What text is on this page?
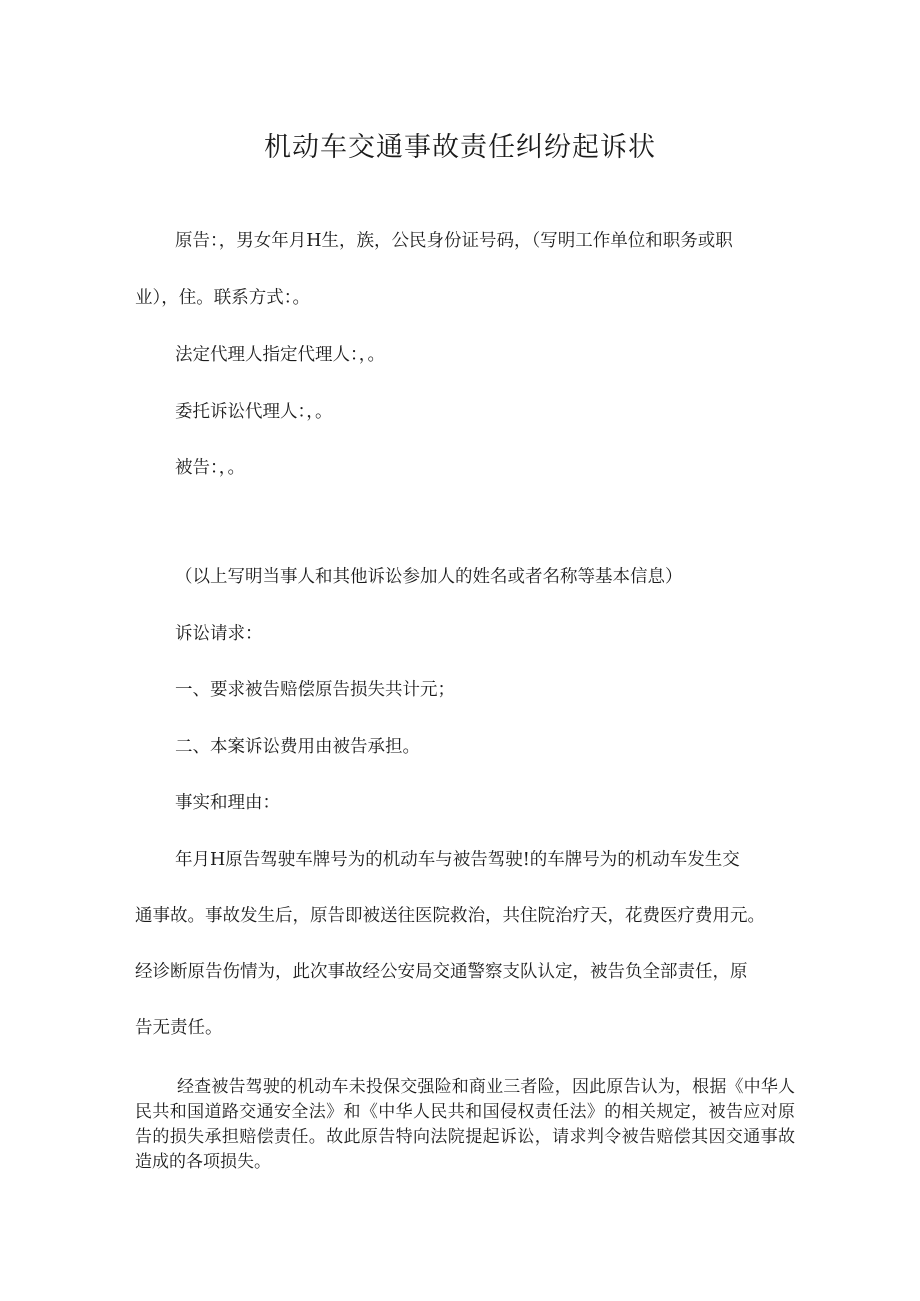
机动车交通事故责任纠纷起诉状
原告：，男女年月H生，族，公民身份证号码，（写明工作单位和职务或职
业），住。联系方式：。
法定代理人指定代理人：，。
委托诉讼代理人：，。
被告：，。
（以上写明当事人和其他诉讼参加人的姓名或者名称等基本信息）
诉讼请求：
一、要求被告赔偿原告损失共计元；
二、本案诉讼费用由被告承担。
事实和理由：
年月H原告驾驶车牌号为的机动车与被告驾驶!的车牌号为的机动车发生交
通事故。事故发生后，原告即被送往医院救治，共住院治疗天，花费医疗费用元。
经诊断原告伤情为，此次事故经公安局交通警察支队认定，被告负全部责任，原
告无责任。
经查被告驾驶的机动车未投保交强险和商业三者险，因此原告认为，根据《中华人民共和国道路交通安全法》和《中华人民共和国侵权责任法》的相关规定，被告应对原告的损失承担赔偿责任。故此原告特向法院提起诉讼，请求判令被告赔偿其因交通事故造成的各项损失。
